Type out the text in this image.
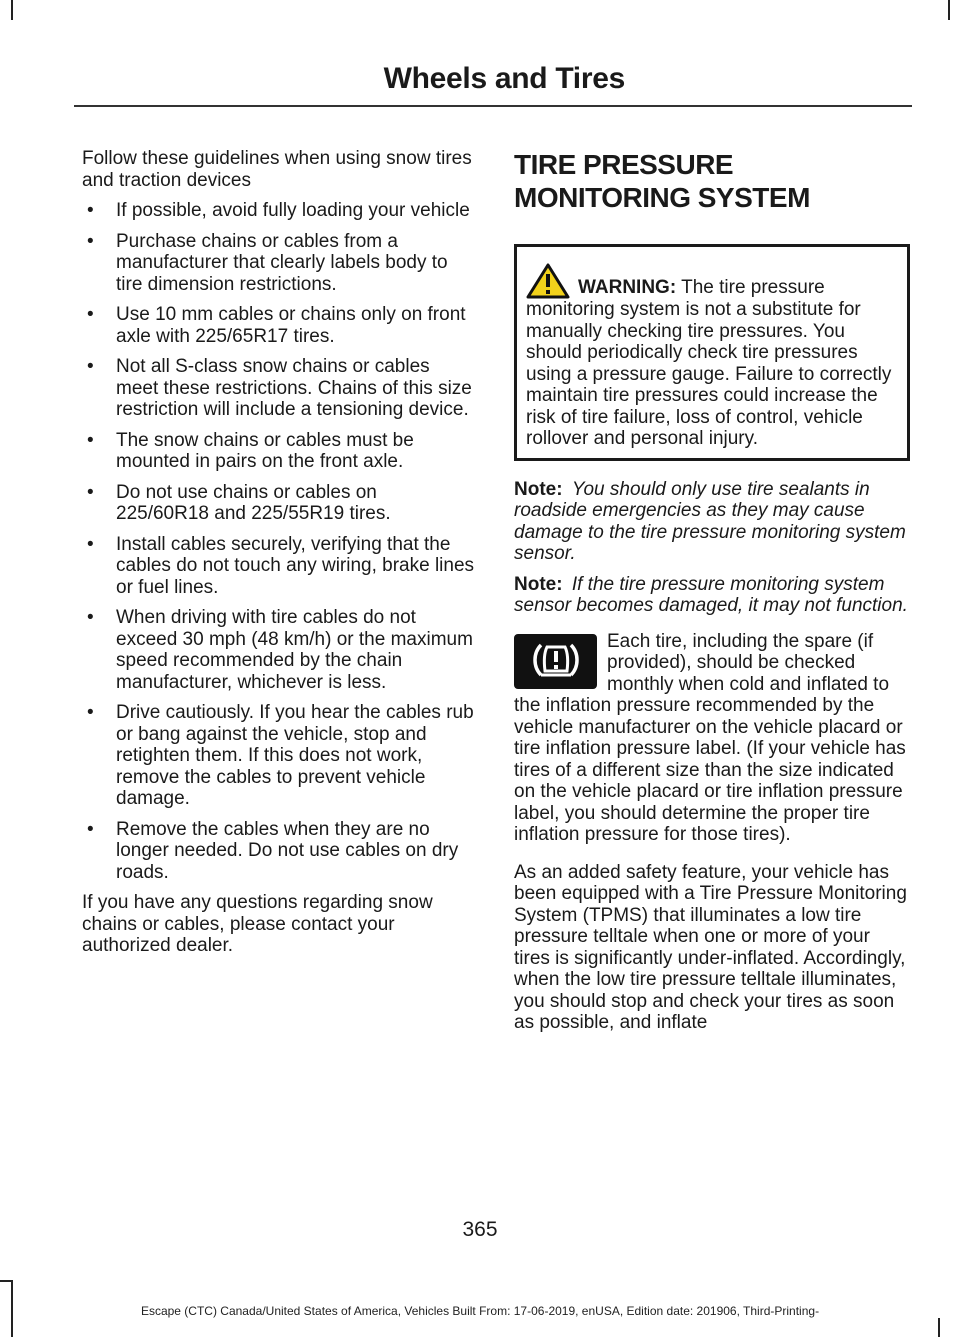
Wheels and Tires

Follow these guidelines when using snow tires and traction devices

• If possible, avoid fully loading your vehicle
• Purchase chains or cables from a manufacturer that clearly labels body to tire dimension restrictions.
• Use 10 mm cables or chains only on front axle with 225/65R17 tires.
• Not all S-class snow chains or cables meet these restrictions. Chains of this size restriction will include a tensioning device.
• The snow chains or cables must be mounted in pairs on the front axle.
• Do not use chains or cables on 225/60R18 and 225/55R19 tires.
• Install cables securely, verifying that the cables do not touch any wiring, brake lines or fuel lines.
• When driving with tire cables do not exceed 30 mph (48 km/h) or the maximum speed recommended by the chain manufacturer, whichever is less.
• Drive cautiously. If you hear the cables rub or bang against the vehicle, stop and retighten them. If this does not work, remove the cables to prevent vehicle damage.
• Remove the cables when they are no longer needed. Do not use cables on dry roads.

If you have any questions regarding snow chains or cables, please contact your authorized dealer.

TIRE PRESSURE MONITORING SYSTEM
WARNING: The tire pressure monitoring system is not a substitute for manually checking tire pressures. You should periodically check tire pressures using a pressure gauge. Failure to correctly maintain tire pressures could increase the risk of tire failure, loss of control, vehicle rollover and personal injury.

Note: You should only use tire sealants in roadside emergencies as they may cause damage to the tire pressure monitoring system sensor.

Note: If the tire pressure monitoring system sensor becomes damaged, it may not function.

Each tire, including the spare (if provided), should be checked monthly when cold and inflated to the inflation pressure recommended by the vehicle manufacturer on the vehicle placard or tire inflation pressure label. (If your vehicle has tires of a different size than the size indicated on the vehicle placard or tire inflation pressure label, you should determine the proper tire inflation pressure for those tires).

As an added safety feature, your vehicle has been equipped with a Tire Pressure Monitoring System (TPMS) that illuminates a low tire pressure telltale when one or more of your tires is significantly under-inflated. Accordingly, when the low tire pressure telltale illuminates, you should stop and check your tires as soon as possible, and inflate

365
Escape (CTC) Canada/United States of America, Vehicles Built From: 17-06-2019, enUSA, Edition date: 201906, Third-Printing-
